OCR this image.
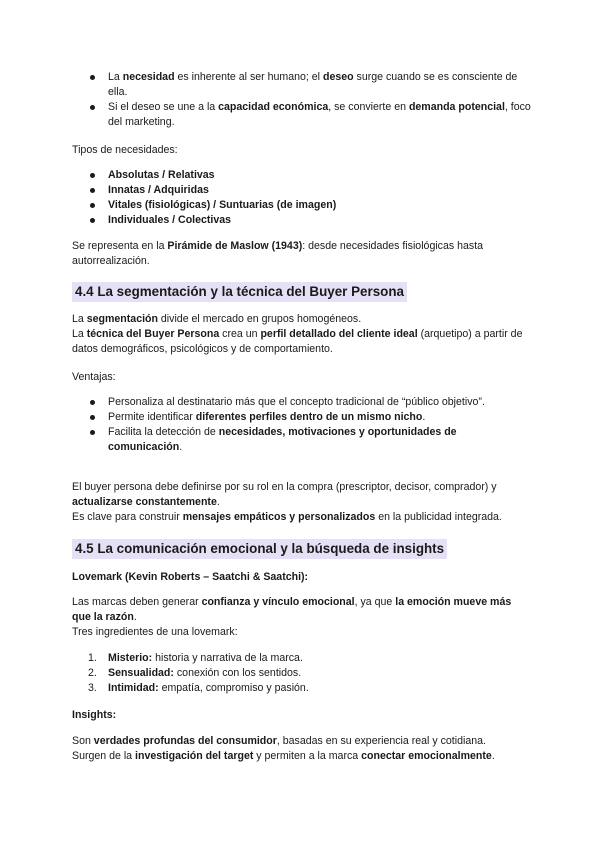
La necesidad es inherente al ser humano; el deseo surge cuando se es consciente de ella.
Si el deseo se une a la capacidad económica, se convierte en demanda potencial, foco del marketing.

Tipos de necesidades:

Absolutas / Relativas
Innatas / Adquiridas
Vitales (fisiológicas) / Suntuarias (de imagen)
Individuales / Colectivas

Se representa en la Pirámide de Maslow (1943): desde necesidades fisiológicas hasta autorrealización.

4.4 La segmentación y la técnica del Buyer Persona

La segmentación divide el mercado en grupos homogéneos.

La técnica del Buyer Persona crea un perfil detallado del cliente ideal (arquetipo) a partir de datos demográficos, psicológicos y de comportamiento.

Ventajas:

Personaliza al destinatario más que el concepto tradicional de “público objetivo”.
Permite identificar diferentes perfiles dentro de un mismo nicho.
Facilita la detección de necesidades, motivaciones y oportunidades de comunicación.

El buyer persona debe definirse por su rol en la compra (prescriptor, decisor, comprador) y actualizarse constantemente.

Es clave para construir mensajes empáticos y personalizados en la publicidad integrada.

4.5 La comunicación emocional y la búsqueda de insights

Lovemark (Kevin Roberts – Saatchi & Saatchi):

Las marcas deben generar confianza y vínculo emocional, ya que la emoción mueve más que la razón.

Tres ingredientes de una lovemark:

1. Misterio: historia y narrativa de la marca.
2. Sensualidad: conexión con los sentidos.
3. Intimidad: empatía, compromiso y pasión.

Insights:

Son verdades profundas del consumidor, basadas en su experiencia real y cotidiana.

Surgen de la investigación del target y permiten a la marca conectar emocionalmente.
